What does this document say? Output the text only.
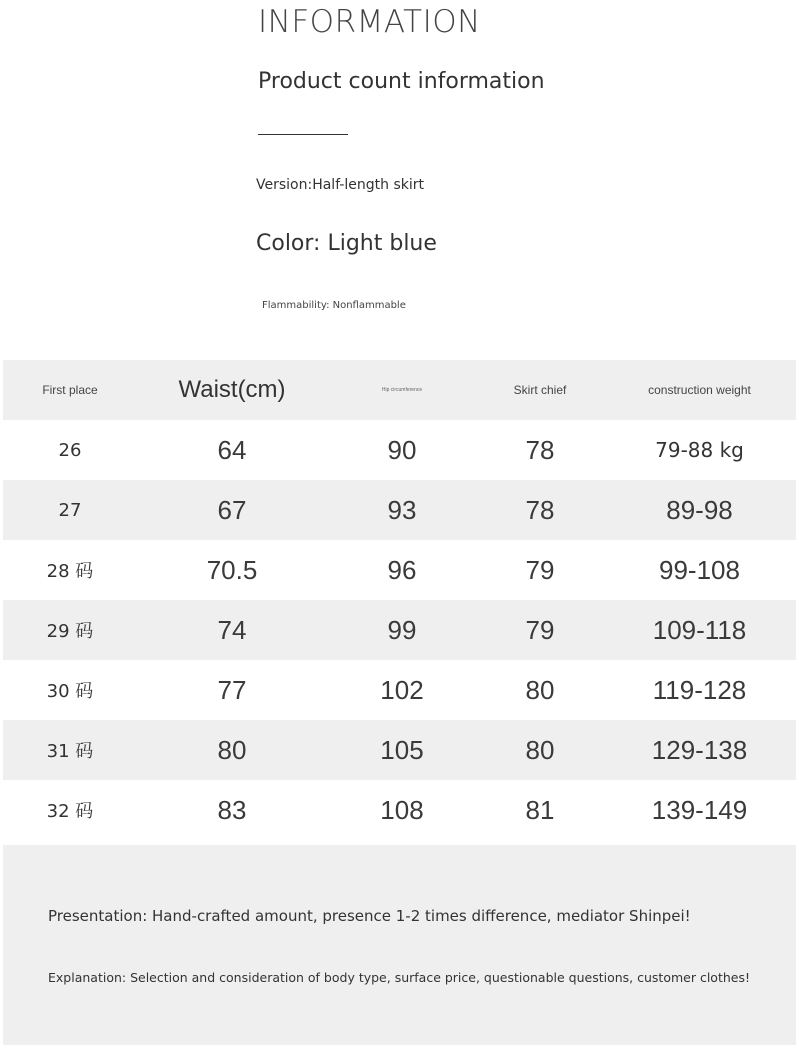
INFORMATION
Product count information
Version:Half-length skirt
Color: Light blue
Flammability: Nonflammable
First place	Waist(cm)	Hip circumference	Skirt chief	construction weight
26	64	90	78	79-88 kg
27	67	93	78	89-98
28 码	70.5	96	79	99-108
29 码	74	99	79	109-118
30 码	77	102	80	119-128
31 码	80	105	80	129-138
32 码	83	108	81	139-149
Presentation: Hand-crafted amount, presence 1-2 times difference, mediator Shinpei!
Explanation: Selection and consideration of body type, surface price, questionable questions, customer clothes!
